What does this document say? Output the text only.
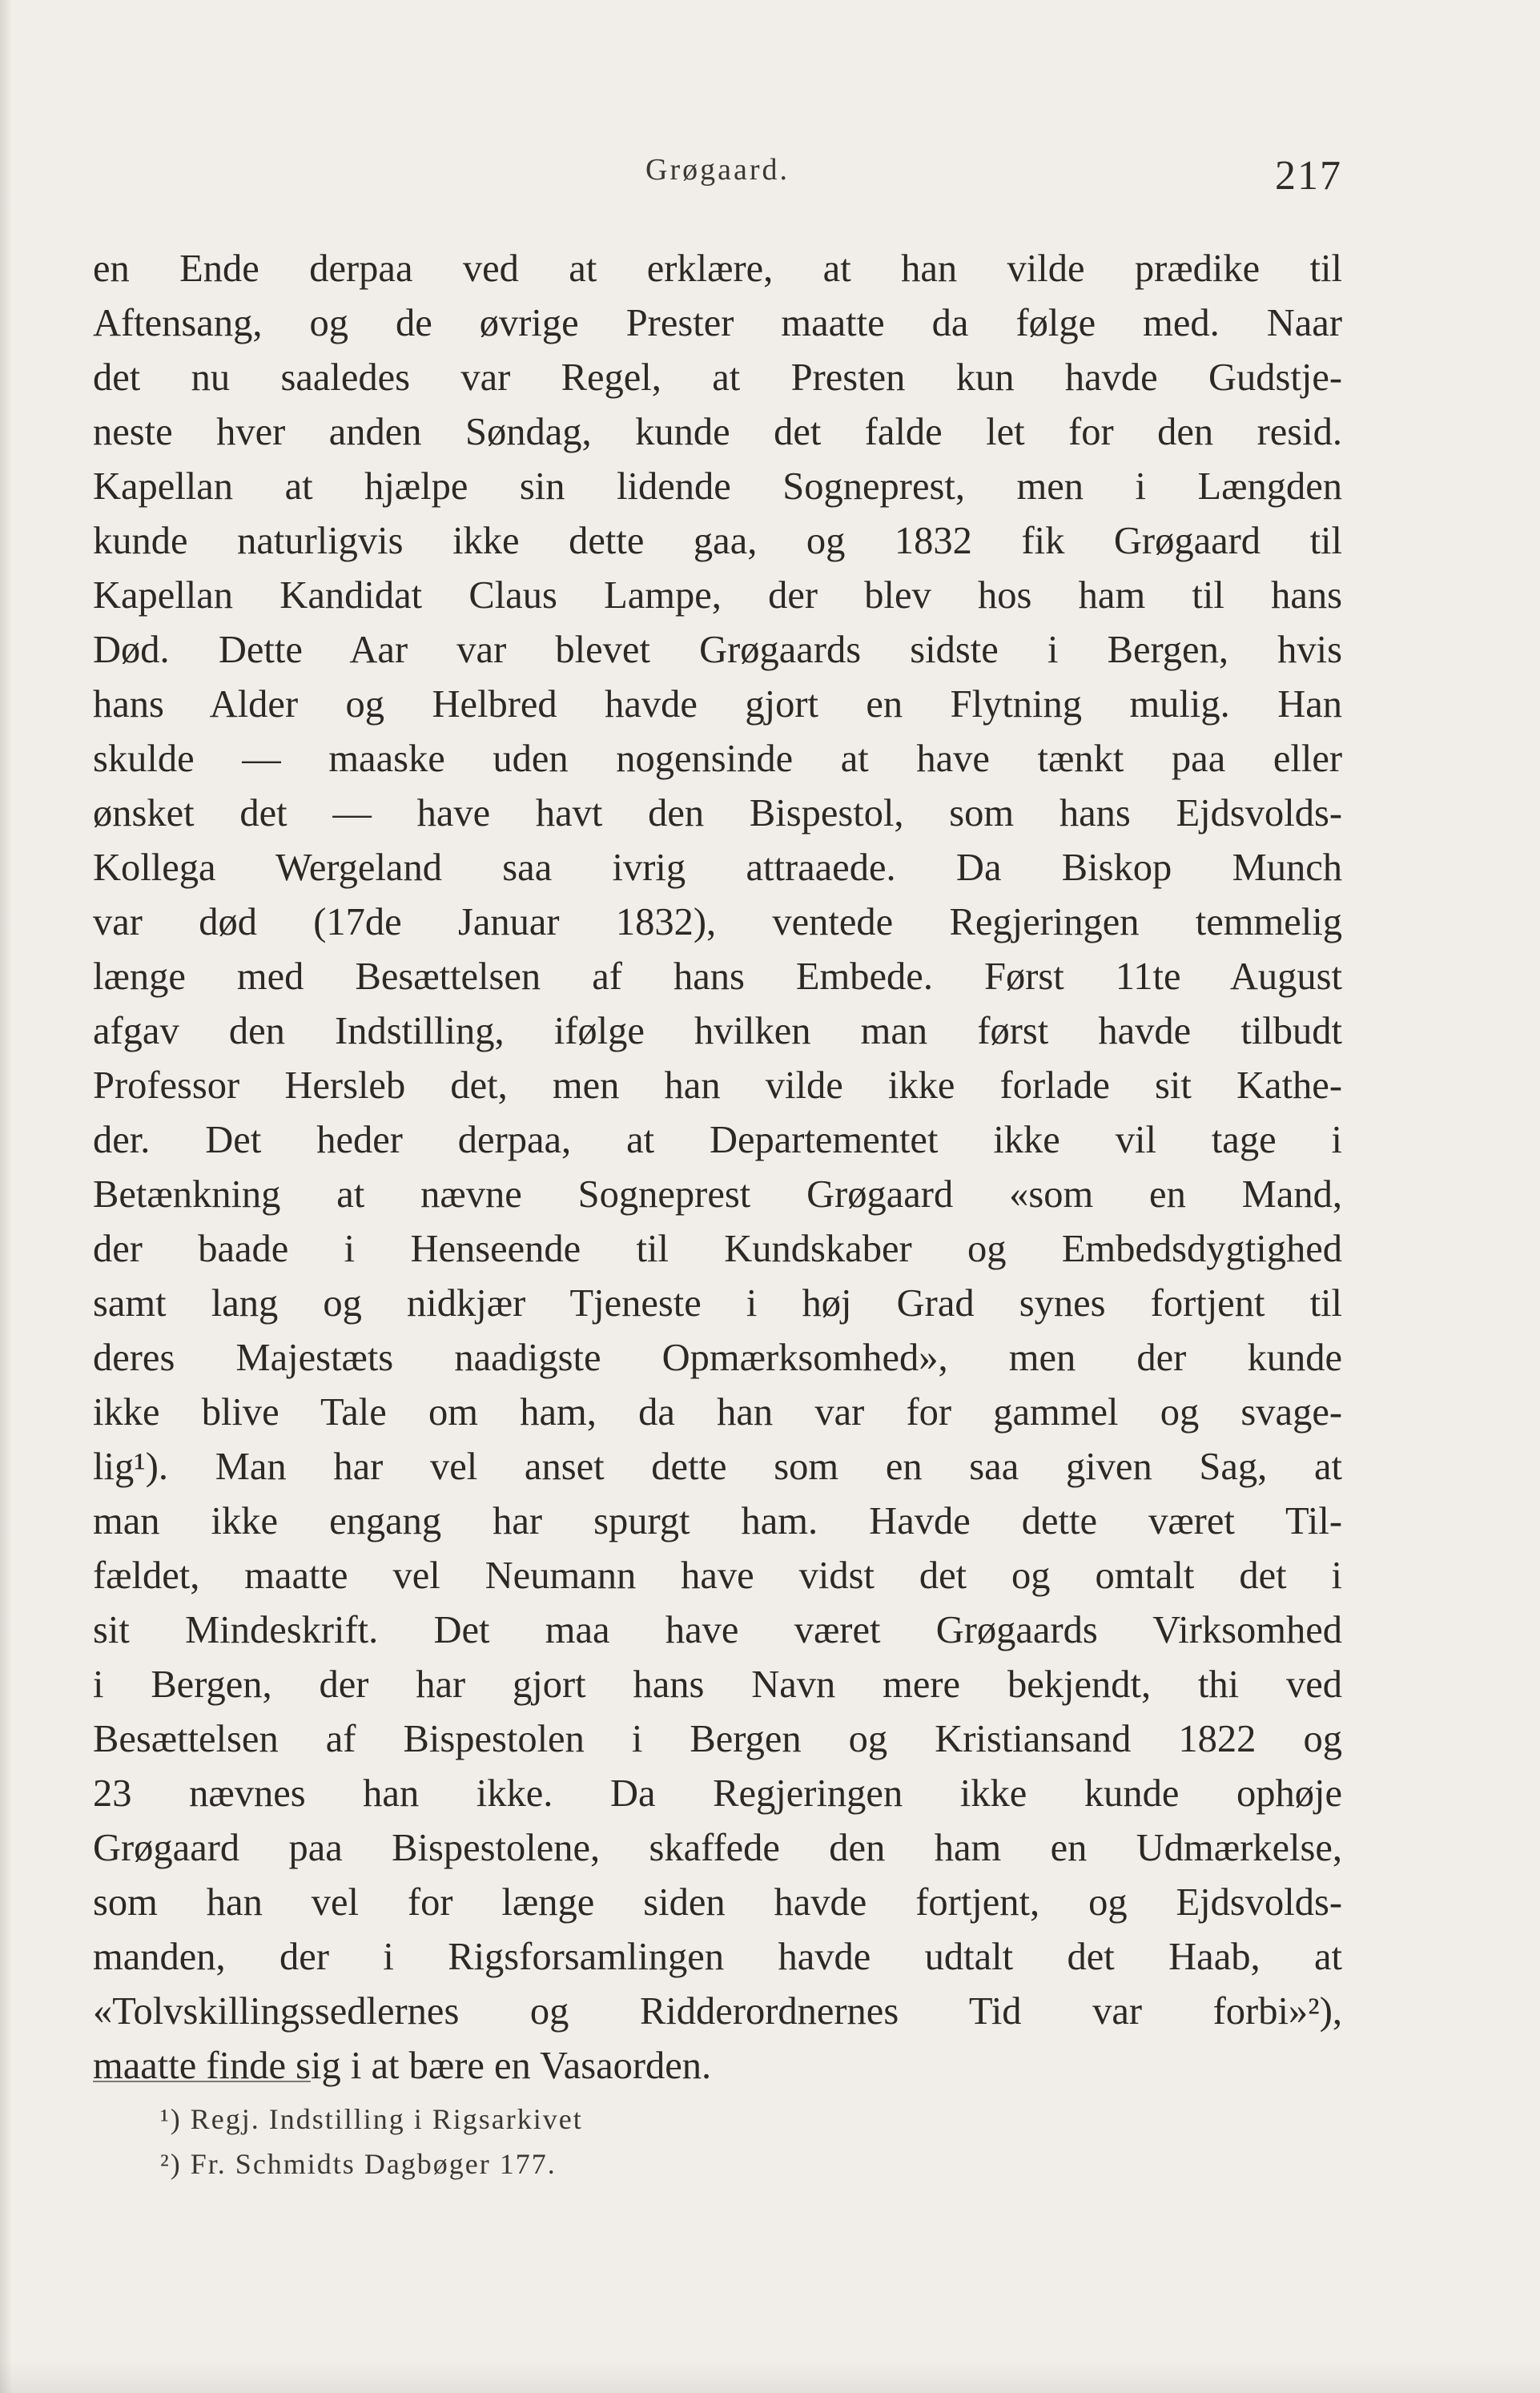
Grøgaard.	217
en Ende derpaa ved at erklære, at han vilde prædike til
Aftensang, og de øvrige Prester maatte da følge med. Naar
det nu saaledes var Regel, at Presten kun havde Gudstje-
neste hver anden Søndag, kunde det falde let for den resid.
Kapellan at hjælpe sin lidende Sogneprest, men i Længden
kunde naturligvis ikke dette gaa, og 1832 fik Grøgaard til
Kapellan Kandidat Claus Lampe, der blev hos ham til hans
Død. Dette Aar var blevet Grøgaards sidste i Bergen, hvis
hans Alder og Helbred havde gjort en Flytning mulig. Han
skulde — maaske uden nogensinde at have tænkt paa eller
ønsket det — have havt den Bispestol, som hans Ejdsvolds-
Kollega Wergeland saa ivrig attraaede. Da Biskop Munch
var død (17de Januar 1832), ventede Regjeringen temmelig
længe med Besættelsen af hans Embede. Først 11te August
afgav den Indstilling, ifølge hvilken man først havde tilbudt
Professor Hersleb det, men han vilde ikke forlade sit Kathe-
der. Det heder derpaa, at Departementet ikke vil tage i
Betænkning at nævne Sogneprest Grøgaard «som en Mand,
der baade i Henseende til Kundskaber og Embedsdygtighed
samt lang og nidkjær Tjeneste i høj Grad synes fortjent til
deres Majestæts naadigste Opmærksomhed», men der kunde
ikke blive Tale om ham, da han var for gammel og svage-
lig¹). Man har vel anset dette som en saa given Sag, at
man ikke engang har spurgt ham. Havde dette været Til-
fældet, maatte vel Neumann have vidst det og omtalt det i
sit Mindeskrift. Det maa have været Grøgaards Virksomhed
i Bergen, der har gjort hans Navn mere bekjendt, thi ved
Besættelsen af Bispestolen i Bergen og Kristiansand 1822 og
23 nævnes han ikke. Da Regjeringen ikke kunde ophøje
Grøgaard paa Bispestolene, skaffede den ham en Udmærkelse,
som han vel for længe siden havde fortjent, og Ejdsvolds-
manden, der i Rigsforsamlingen havde udtalt det Haab, at
«Tolvskillingssedlernes og Ridderordnernes Tid var forbi»²),
maatte finde sig i at bære en Vasaorden.
¹) Regj. Indstilling i Rigsarkivet
²) Fr. Schmidts Dagbøger 177.
